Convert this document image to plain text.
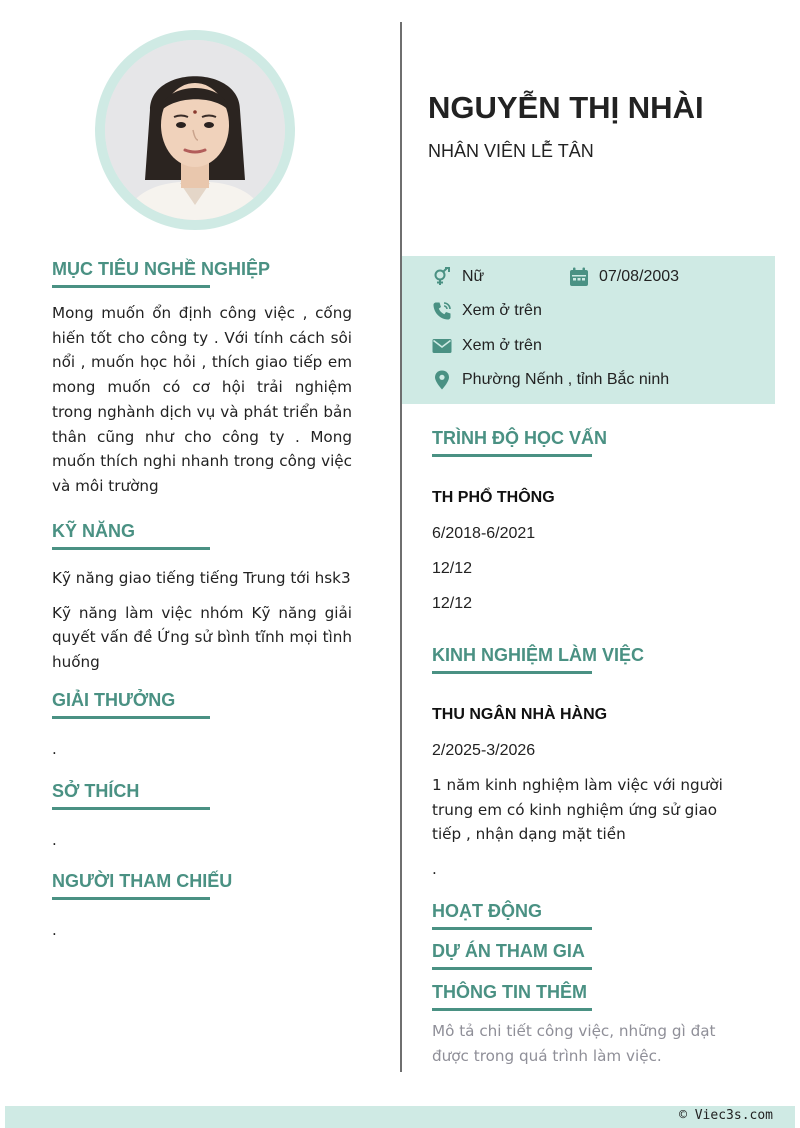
NGUYỄN THỊ NHÀI
NHÂN VIÊN LỄ TÂN
Nữ	07/08/2003
Xem ở trên
Xem ở trên
Phường Nếnh , tỉnh Bắc ninh
MỤC TIÊU NGHỀ NGHIỆP

Mong muốn ổn định công việc , cống hiến tốt cho công ty . Với tính cách sôi nổi , muốn học hỏi , thích giao tiếp em mong muốn có cơ hội trải nghiệm trong nghành dịch vụ và phát triển bản thân cũng như cho công ty . Mong muốn thích nghi nhanh trong công việc và môi trường

KỸ NĂNG

Kỹ năng giao tiếng tiếng Trung tới hsk3

Kỹ năng làm việc nhóm Kỹ năng giải quyết vấn đề Ứng sử bình tĩnh mọi tình huống

GIẢI THƯỞNG
.
SỞ THÍCH
.
NGƯỜI THAM CHIẾU
.
TRÌNH ĐỘ HỌC VẤN
TH PHỔ THÔNG
6/2018-6/2021
12/12
12/12
KINH NGHIỆM LÀM VIỆC
THU NGÂN NHÀ HÀNG
2/2025-3/2026

1 năm kinh nghiệm làm việc với người trung em có kinh nghiệm ứng sử giao tiếp , nhận dạng mặt tiền

.
HOẠT ĐỘNG
DỰ ÁN THAM GIA
THÔNG TIN THÊM

Mô tả chi tiết công việc, những gì đạt được trong quá trình làm việc.

© Viec3s.com
